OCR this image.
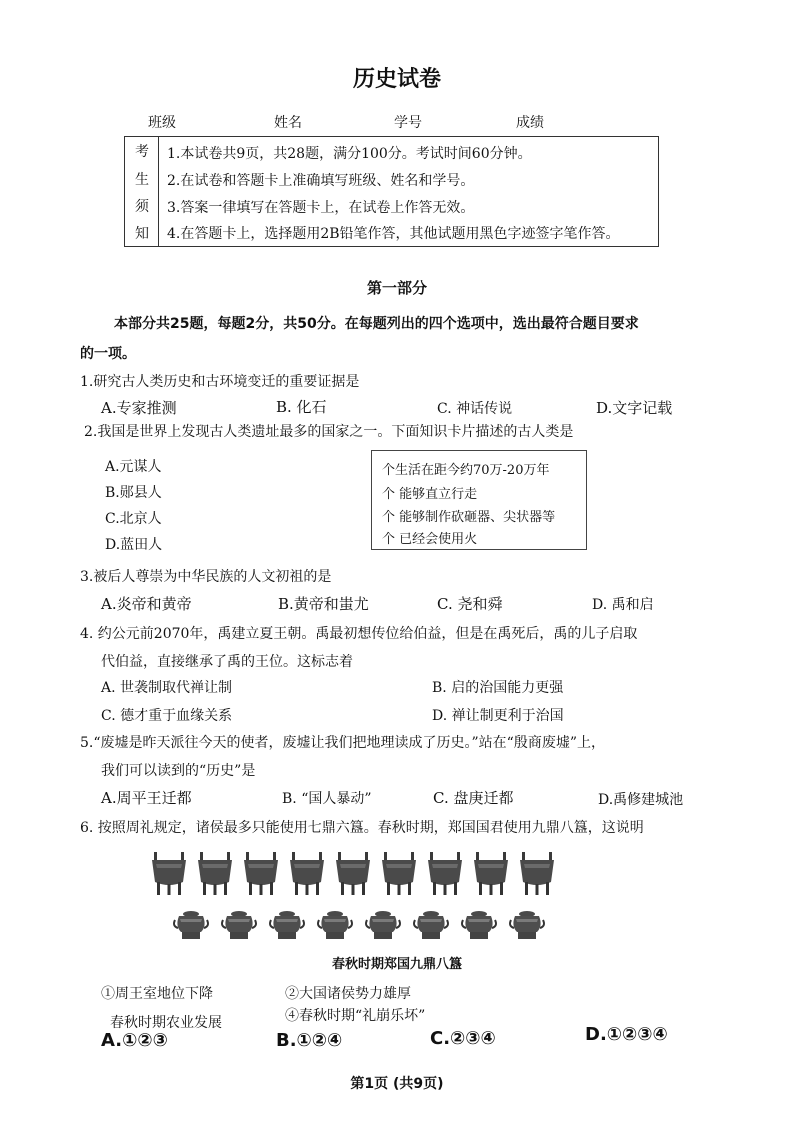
历史试卷
班级	姓名	学号	成绩
考
生
须
知
1.本试卷共9页，共28题，满分100分。考试时间60分钟。
2.在试卷和答题卡上准确填写班级、姓名和学号。
3.答案一律填写在答题卡上，在试卷上作答无效。
4.在答题卡上，选择题用2B铅笔作答，其他试题用黑色字迹签字笔作答。
第一部分
本部分共25题，每题2分，共50分。在每题列出的四个选项中，选出最符合题目要求
的一项。
1.研究古人类历史和古环境变迁的重要证据是
A.专家推测	B. 化石	C. 神话传说	D.文字记载
2.我国是世界上发现古人类遗址最多的国家之一。下面知识卡片描述的古人类是
A.元谋人
B.郧县人
C.北京人
D.蓝田人
个生活在距今约70万-20万年
个 能够直立行走
个 能够制作砍砸器、尖状器等
个 已经会使用火
3.被后人尊崇为中华民族的人文初祖的是
A.炎帝和黄帝	B.黄帝和蚩尤	C. 尧和舜	D. 禹和启
4. 约公元前2070年，禹建立夏王朝。禹最初想传位给伯益，但是在禹死后，禹的儿子启取
代伯益，直接继承了禹的王位。这标志着
A. 世袭制取代禅让制	B. 启的治国能力更强
C. 德才重于血缘关系	D. 禅让制更利于治国
5.“废墟是昨天派往今天的使者，废墟让我们把地理读成了历史。”站在“殷商废墟”上，
我们可以读到的“历史”是
A.周平王迁都	B. “国人暴动”	C. 盘庚迁都	D.禹修建城池
6. 按照周礼规定，诸侯最多只能使用七鼎六簋。春秋时期，郑国国君使用九鼎八簋，这说明
春秋时期郑国九鼎八簋
①周王室地位下降	②大国诸侯势力雄厚
春秋时期农业发展	④春秋时期“礼崩乐坏”
A.①②③	B.①②④	C.②③④	D.①②③④
第1页 (共9页)
